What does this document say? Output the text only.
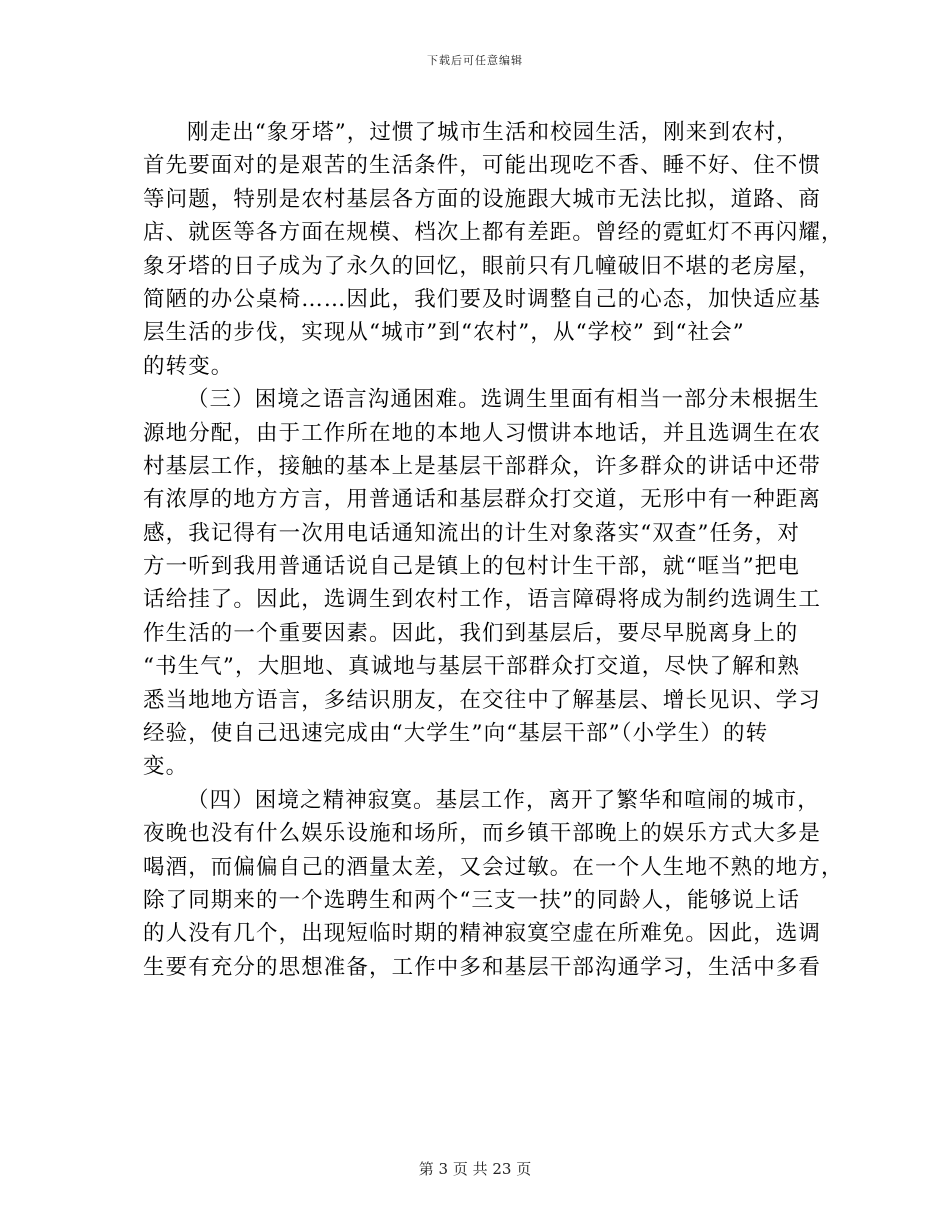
下载后可任意编辑
刚走出“象牙塔”，过惯了城市生活和校园生活，刚来到农村，
首先要面对的是艰苦的生活条件，可能出现吃不香、睡不好、住不惯
等问题，特别是农村基层各方面的设施跟大城市无法比拟，道路、商
店、就医等各方面在规模、档次上都有差距。曾经的霓虹灯不再闪耀，
象牙塔的日子成为了永久的回忆，眼前只有几幢破旧不堪的老房屋，
简陋的办公桌椅……因此，我们要及时调整自己的心态，加快适应基
层生活的步伐，实现从“城市”到“农村”，从“学校” 到“社会”
的转变。
（三）困境之语言沟通困难。选调生里面有相当一部分未根据生
源地分配，由于工作所在地的本地人习惯讲本地话，并且选调生在农
村基层工作，接触的基本上是基层干部群众，许多群众的讲话中还带
有浓厚的地方方言，用普通话和基层群众打交道，无形中有一种距离
感，我记得有一次用电话通知流出的计生对象落实“双查”任务，对
方一听到我用普通话说自己是镇上的包村计生干部，就“哐当”把电
话给挂了。因此，选调生到农村工作，语言障碍将成为制约选调生工
作生活的一个重要因素。因此，我们到基层后，要尽早脱离身上的
“书生气”，大胆地、真诚地与基层干部群众打交道，尽快了解和熟
悉当地地方语言，多结识朋友，在交往中了解基层、增长见识、学习
经验，使自己迅速完成由“大学生”向“基层干部”（小学生）的转
变。
（四）困境之精神寂寞。基层工作，离开了繁华和喧闹的城市，
夜晚也没有什么娱乐设施和场所，而乡镇干部晚上的娱乐方式大多是
喝酒，而偏偏自己的酒量太差，又会过敏。在一个人生地不熟的地方，
除了同期来的一个选聘生和两个“三支一扶”的同龄人，能够说上话
的人没有几个，出现短临时期的精神寂寞空虚在所难免。因此，选调
生要有充分的思想准备，工作中多和基层干部沟通学习，生活中多看
第 3 页 共 23 页
